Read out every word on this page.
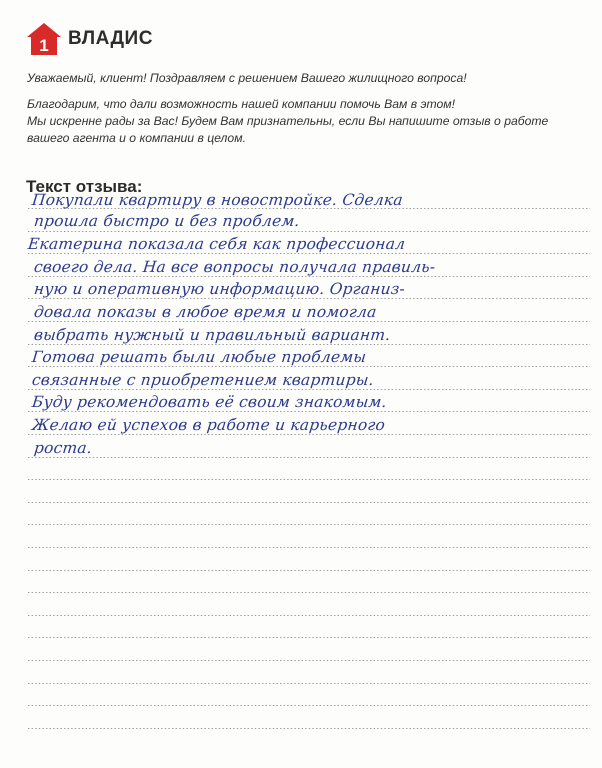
1 ВЛАДИС

Уважаемый, клиент! Поздравляем с решением Вашего жилищного вопроса!

Благодарим, что дали возможность нашей компании помочь Вам в этом!

Мы искренне рады за Вас! Будем Вам признательны, если Вы напишите отзыв о работе

вашего агента и о компании в целом.

Текст отзыва:
Покупали квартиру в новостройке. Сделка
прошла быстро и без проблем.
Екатерина показала себя как профессионал
своего дела. На все вопросы получала правиль-
ную и оперативную информацию. Организ-
довала показы в любое время и помогла
выбрать нужный и правильный вариант.
Готова решать были любые проблемы
связанные с приобретением квартиры.
Буду рекомендовать её своим знакомым.
Желаю ей успехов в работе и карьерного
роста.
